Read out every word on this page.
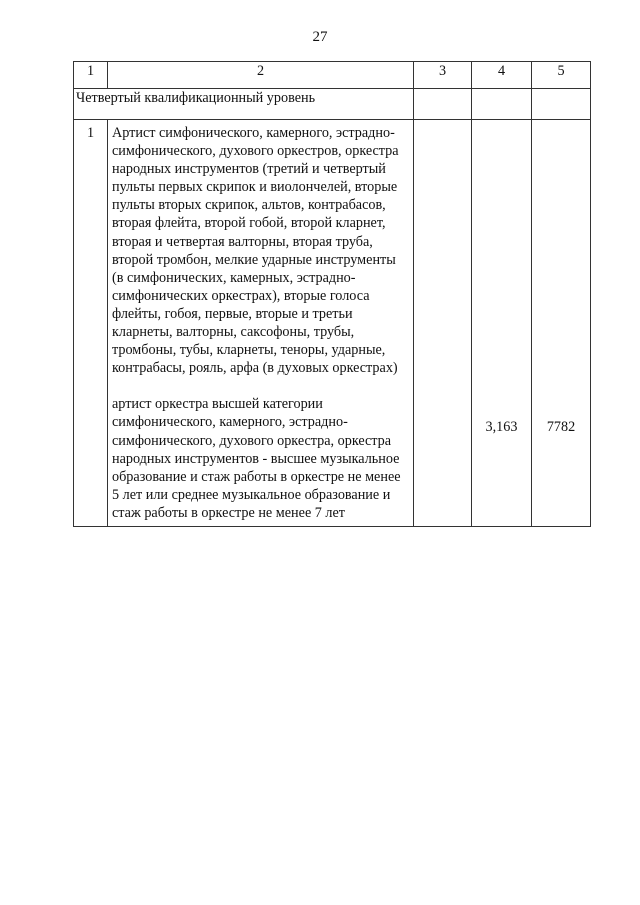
27
1	2	3	4	5
Четвертый квалификационный уровень				
1	Артист симфонического, камерного, эстрадно-симфонического, духового оркестров, оркестра народных инструментов (третий и четвертый пульты первых скрипок и виолончелей, вторые пульты вторых скрипок, альтов, контрабасов, вторая флейта, второй гобой, второй кларнет, вторая и четвертая валторны, вторая труба, второй тромбон, мелкие ударные инструменты (в симфонических, камерных, эстрадно-симфонических оркестрах), вторые голоса флейты, гобоя, первые, вторые и третьи кларнеты, валторны, саксофоны, трубы, тромбоны, тубы, кларнеты, теноры, ударные, контрабасы, рояль, арфа (в духовых оркестрах)
артист оркестра высшей категории симфонического, камерного, эстрадно-симфонического, духового оркестра, оркестра народных инструментов - высшее музыкальное образование и стаж работы в оркестре не менее 5 лет или среднее музыкальное образование и стаж работы в оркестре не менее 7 лет		3,163	7782
